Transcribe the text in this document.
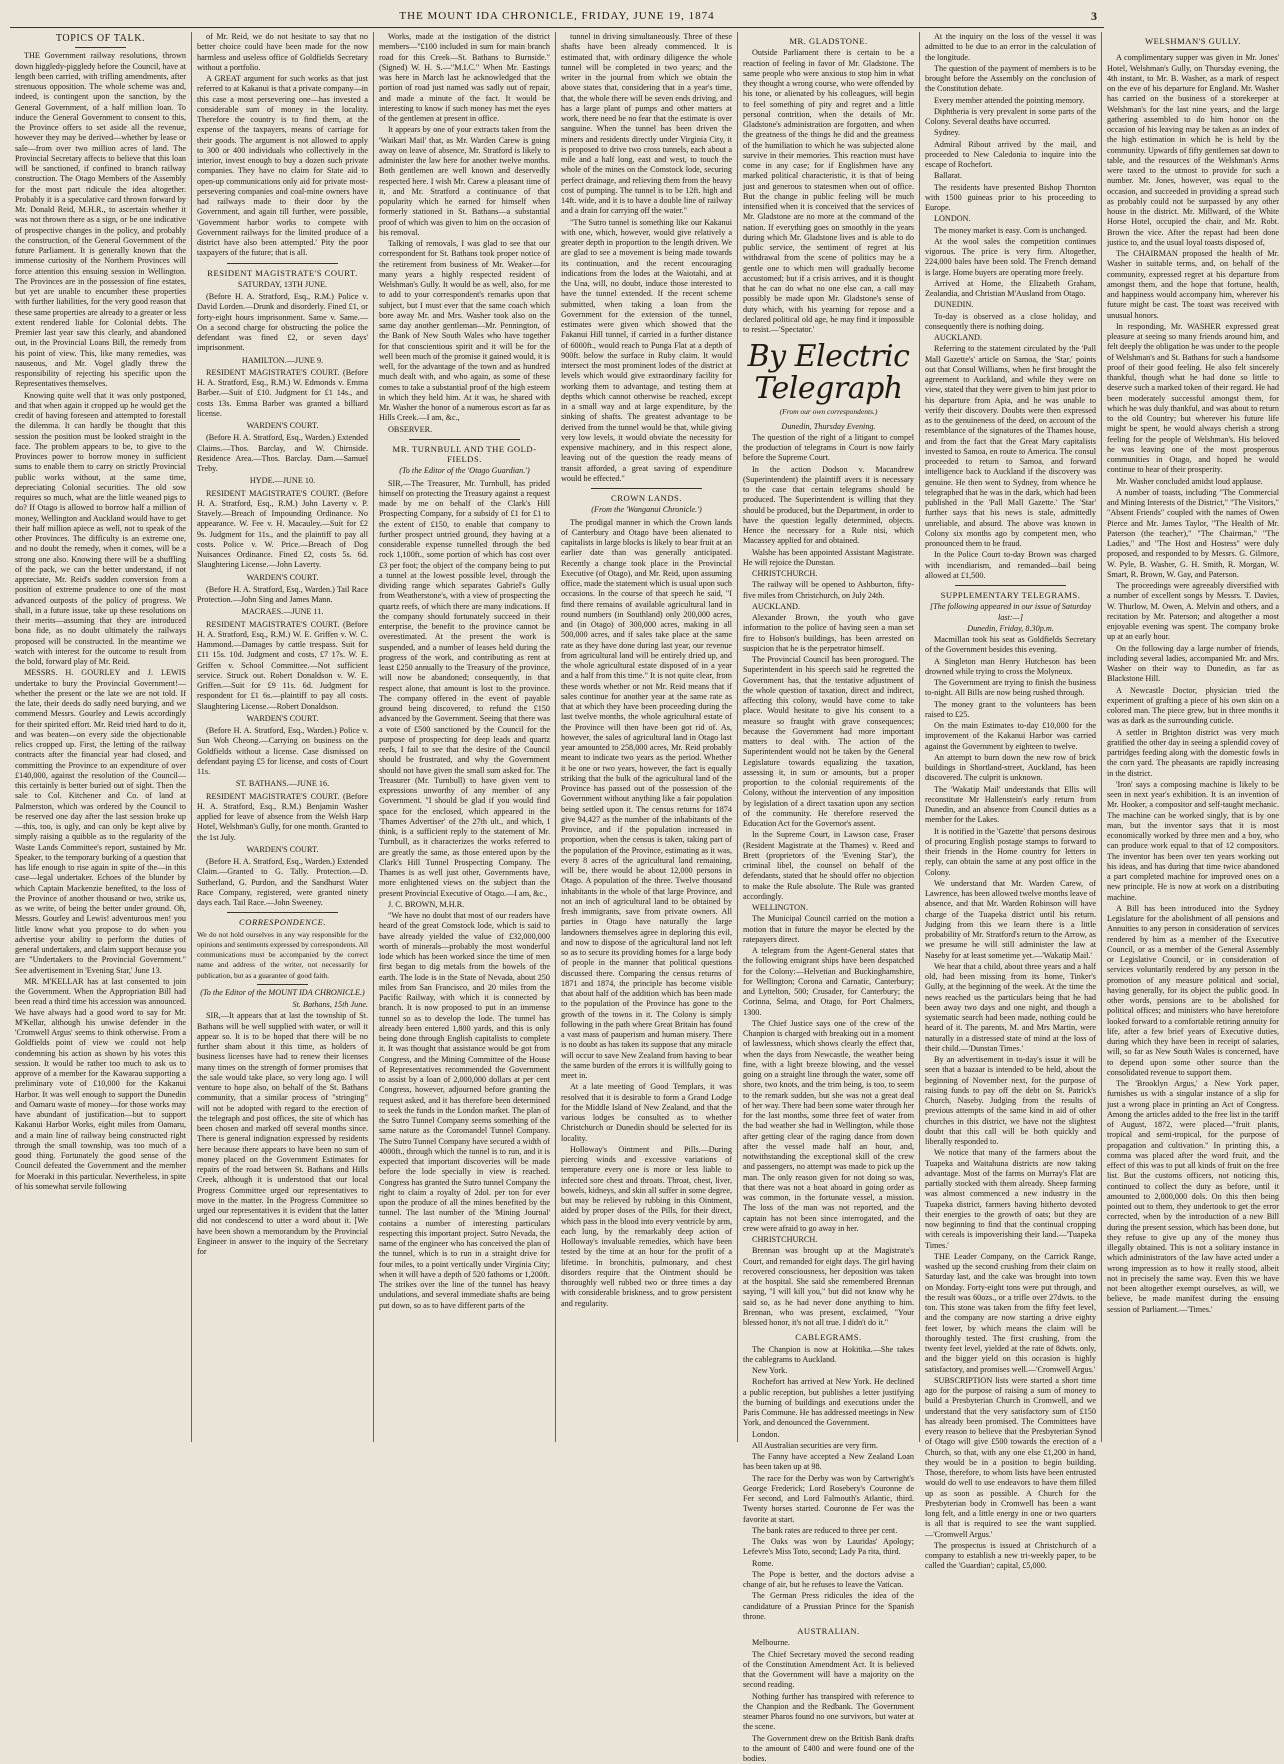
THE MOUNT IDA CHRONICLE, FRIDAY, JUNE 19, 1874	3
TOPICS OF TALK.

THE Government railway resolutions, thrown down higgledy-piggledy before the Council, have at length been carried, with trifling amendments, after strenuous opposition. The whole scheme was and, indeed, is contingent upon the sanction, by the General Government, of a half million loan. To induce the General Government to consent to this, the Province offers to set aside all the revenue, however they may be derived—whether by lease or sale—from over two million acres of land. The Provincial Secretary affects to believe that this loan will be sanctioned, if confined to branch railway construction. The Otago Members of the Assembly for the most part ridicule the idea altogether. Probably it is a speculative card thrown forward by Mr. Donald Reid, M.H.R., to ascertain whether it was not thrown there as a sign, or be one indicative of prospective changes in the policy, and probably the construction, of the General Government of the future Parliament. It is generally known that the immense curiosity of the Northern Provinces will force attention this ensuing session in Wellington. The Provinces are in the possession of fine estates, but yet are unable to encumber these properties with further liabilities, for the very good reason that these same properties are already to a greater or less extent rendered liable for Colonial debts. The Premier last year saw this clearly, and abandoned out, in the Provincial Loans Bill, the remedy from his point of view. This, like many remedies, was nauseous, and Mr. Vogel gladly threw the responsibility of rejecting his specific upon the Representatives themselves.

Knowing quite well that it was only postponed, and that when again it cropped up he would get the credit of having foreseen and attempted to forestall the dilemma. It can hardly be thought that this session the position must be looked straight in the face. The problem appears to be, to give to the Provinces power to borrow money in sufficient sums to enable them to carry on strictly Provincial public works without, at the same time, depreciating Colonial securities. The old sow requires so much, what are the little weaned pigs to do? If Otago is allowed to borrow half a million of money, Wellington and Auckland would have to get their half million apiece as well, not to speak of the other Provinces. The difficulty is an extreme one, and no doubt the remedy, when it comes, will be a strong one also. Knowing there will be a shuffling of the pack, we can the better understand, if not appreciate, Mr. Reid's sudden conversion from a position of extreme prudence to one of the most advanced outposts of the policy of progress. We shall, in a future issue, take up these resolutions on their merits—assuming that they are introduced bona fide, as no doubt ultimately the railways proposed will be constructed. In the meantime we watch with interest for the outcome to result from the bold, forward play of Mr. Reid.

MESSRS. H. GOURLEY and J. LEWIS undertake to bury the Provincial Government!—whether the present or the late we are not told. If the late, their deeds do sadly need burying, and we commend Messrs. Gourley and Lewis accordingly for their spirited effort. Mr. Reid tried hard to do it, and was beaten—on every side the objectionable relics cropped up. First, the letting of the railway contracts after the financial year had closed, and committing the Province to an expenditure of over £140,000, against the resolution of the Council—this certainly is better buried out of sight. Then the sale to Col. Kitchener and Co. of land at Palmerston, which was ordered by the Council to be reserved one day after the last session broke up—this, too, is ugly, and can only be kept alive by simply raising a quibble as to the regularity of the Waste Lands Committee's report, sustained by Mr. Speaker, to the temporary burking of a question that has life enough to rise again in spite of the—in this case—legal undertaker. Echoes of the blunder by which Captain Mackenzie benefited, to the loss of the Province of another thousand or two, strike us, as we write, of being the better under ground. Oh, Messrs. Gourley and Lewis! adventurous men! you little know what you propose to do when you advertise your ability to perform the duties of general undertakers, and claim support because you are "Undertakers to the Provincial Government." See advertisement in 'Evening Star,' June 13.

MR. M'KELLAR has at last consented to join the Government. When the Appropriation Bill had been read a third time his accession was announced. We have always had a good word to say for Mr. M'Kellar, although his unwise defender in the 'Cromwell Argus' seems to think otherwise. From a Goldfields point of view we could not help condemning his action as shown by his votes this session. It would be rather too much to ask us to approve of a member for the Kawarau supporting a preliminary vote of £10,000 for the Kakanui Harbor. It was well enough to support the Dunedin and Oamaru waste of money—for those works may have abundant of justification—but to support Kakanui Harbor Works, eight miles from Oamaru, and a main line of railway being constructed right through the small township, was too much of a good thing. Fortunately the good sense of the Council defeated the Government and the member for Moeraki in this particular. Nevertheless, in spite of his somewhat servile following

of Mr. Reid, we do not hesitate to say that no better choice could have been made for the now harmless and useless office of Goldfields Secretary without a portfolio.

A GREAT argument for such works as that just referred to at Kakanui is that a private company—in this case a most persevering one—has invested a considerable sum of money in the locality. Therefore the country is to find them, at the expense of the taxpayers, means of carriage for their goods. The argument is not allowed to apply to 300 or 400 individuals who collectively in the interior, invest enough to buy a dozen such private companies. They have no claim for State aid to open-up communications only aid for private most-persevering companies and coal-mine owners have had railways made to their door by the Government, and again till further, were possible, 'Government harbor works to compete with Government railways for the limited produce of a district have also been attempted.' Pity the poor taxpayers of the future; that is all.

RESIDENT MAGISTRATE'S COURT.
SATURDAY, 13TH JUNE.

(Before H. A. Stratford, Esq., R.M.) Police v. David Lorden.—Drunk and disorderly. Fined £1, or forty-eight hours imprisonment. Same v. Same.—On a second charge for obstructing the police the defendant was fined £2, or seven days' imprisonment.

HAMILTON.—JUNE 9.

RESIDENT MAGISTRATE'S COURT. (Before H. A. Stratford, Esq., R.M.) W. Edmonds v. Emma Barber.—Suit of £10. Judgment for £1 14s., and costs 13s. Emma Barber was granted a billiard license.

WARDEN'S COURT.

(Before H. A. Stratford, Esq., Warden.) Extended Claims.—Thos. Barclay, and W. Chirnside. Residence Area.—Thos. Barclay. Dam.—Samuel Treby.

HYDE.—JUNE 10.

RESIDENT MAGISTRATE'S COURT. (Before H. A. Stratford, Esq., R.M.) John Laverty v. P. Stavely.—Breach of Impounding Ordinance. No appearance. W. Fee v. H. Macauley.—Suit for £2 9s. Judgment for 11s., and the plaintiff to pay all costs. Police v. W. Price.—Breach of Dog Nuisances Ordinance. Fined £2, costs 5s. 6d. Slaughtering License.—John Laverty.

WARDEN'S COURT.

(Before H. A. Stratford, Esq., Warden.) Tail Race Protection.—John Sing and James Mann.

MACRAES.—JUNE 11.

RESIDENT MAGISTRATE'S COURT. (Before H. A. Stratford, Esq., R.M.) W. E. Griffen v. W. C. Hammond.—Damages by cattle trespass. Suit for £11 15s. 10d. Judgment and costs, £7 17s. W. E. Griffen v. School Committee.—Not sufficient service. Struck out. Robert Donaldson v. W. E. Griffen.—Suit for £9 11s. 6d. Judgment for respondent for £1 6s.—plaintiff to pay all costs. Slaughtering License.—Robert Donaldson.

WARDEN'S COURT.

(Before H. A. Stratford, Esq., Warden.) Police v. Sun Woh Cheong.—Carrying on business on the Goldfields without a license. Case dismissed on defendant paying £5 for license, and costs of Court 11s.

ST. BATHANS.—JUNE 16.

RESIDENT MAGISTRATE'S COURT. (Before H. A. Stratford, Esq., R.M.) Benjamin Washer applied for leave of absence from the Welsh Harp Hotel, Welshman's Gully, for one month. Granted to the 1st July.

WARDEN'S COURT.

(Before H. A. Stratford, Esq., Warden.) Extended Claim.—Granted to G. Tally. Protection.—D. Sutherland, G. Purdon, and the Sandhurst Water Race Company, registered, were granted ninety days each. Tail Race.—John Sweeney.

CORRESPONDENCE.

We do not hold ourselves in any way responsible for the opinions and sentiments expressed by correspondents. All communications must be accompanied by the correct name and address of the writer, not necessarily for publication, but as a guarantee of good faith.

(To the Editor of the MOUNT IDA CHRONICLE.)

St. Bathans, 15th June.

SIR,—It appears that at last the township of St. Bathans will be well supplied with water, or will it appear so. It is to be hoped that there will be no further sham about it this time, as holders of business licenses have had to renew their licenses many times on the strength of former promises that the sale would take place, so very long ago. I will venture to hope also, on behalf of the St. Bathans community, that a similar process of "stringing" will not be adopted with regard to the erection of the telegraph and post offices, the site of which has been chosen and marked off several months since. There is general indignation expressed by residents here because there appears to have been no sum of money placed on the Government Estimates for repairs of the road between St. Bathans and Hills Creek, although it is understood that our local Progress Committee urged our representatives to move in the matter. In the Progress Committee so urged our representatives it is evident that the latter did not condescend to utter a word about it. [We have been shown a memorandum by the Provincial Engineer in answer to the inquiry of the Secretary for

Works, made at the instigation of the district members—"£100 included in sum for main branch road for this Creek—St. Bathans to Burnside." (Signed) W. H. S.—"M.I.C." When Mr. Eastings was here in March last he acknowledged that the portion of road just named was sadly out of repair, and made a minute of the fact. It would be interesting to know if such money has met the eyes of the gentlemen at present in office.

It appears by one of your extracts taken from the 'Waikari Mail' that, as Mr. Warden Carew is going away on leave of absence, Mr. Stratford is likely to administer the law here for another twelve months. Both gentlemen are well known and deservedly respected here. I wish Mr. Carew a pleasant time of it, and Mr. Stratford a continuance of that popularity which he earned for himself when formerly stationed in St. Bathans—a substantial proof of which was given to him on the occasion of his removal.

Talking of removals, I was glad to see that our correspondent for St. Bathans took proper notice of the retirement from business of Mr. Weaker—for many years a highly respected resident of Welshman's Gully. It would be as well, also, for me to add to your correspondent's remarks upon that subject, but I must ever that the same coach which bore away Mr. and Mrs. Washer took also on the same day another gentleman—Mr. Pennington, of the Bank of New South Wales who have together for that conscientious spirit and it will be for the well been much of the promise it gained would, it is well, for the advantage of the town and as hundred much dealt with, and who again, as some of these comes to take a substantial proof of the high esteem in which they held him. At it was, he shared with Mr. Washer the honor of a numerous escort as far as Hills Creek.—I am, &c.,

OBSERVER.

MR. TURNBULL AND THE GOLD-FIELDS.
(To the Editor of the 'Otago Guardian.')

SIR,—The Treasurer, Mr. Turnbull, has prided himself on protecting the Treasury against a request made by me on behalf of the Clark's Hill Prospecting Company, for a subsidy of £1 for £1 to the extent of £150, to enable that company to further prospect untried ground, they having at a considerable expense tunnelled through the bed rock 1,100ft., some portion of which has cost over £3 per foot; the object of the company being to put a tunnel at the lowest possible level, through the dividing range which separates Gabriel's Gully from Weatherstone's, with a view of prospecting the quartz reefs, of which there are many indications. If the company should fortunately succeed in their enterprise, the benefit to the province cannot be overestimated. At the present the work is suspended, and a number of leases held during the progress of the work, and contributing as rent at least £250 annually to the Treasury of the province, will now be abandoned; consequently, in that respect alone, that amount is lost to the province. The company offered in the event of payable ground being discovered, to refund the £150 advanced by the Government. Seeing that there was a vote of £500 sanctioned by the Council for the purpose of prospecting for deep leads and quartz reefs, I fail to see that the desire of the Council should be frustrated, and why the Government should not have given the small sum asked for. The Treasurer (Mr. Turnbull) to have given vent to expressions unworthy of any member of any Government. "I should be glad if you would find space for the enclosed, which appeared in the 'Thames Advertiser' of the 27th ult., and which, I think, is a sufficient reply to the statement of Mr. Turnbull, as it characterizes the works referred to are greatly the same, as those entered upon by the Clark's Hill Tunnel Prospecting Company. The Thames is as well just other, Governments have, more enlightened views on the subject than the present Provincial Executive of Otago.—I am, &c.,

J. C. BROWN, M.H.R.

"We have no doubt that most of our readers have heard of the great Comstock lode, which is said to have already yielded the value of £32,000,000 worth of minerals—probably the most wonderful lode which has been worked since the time of men first began to dig metals from the bowels of the earth. The lode is in the State of Nevada, about 250 miles from San Francisco, and 20 miles from the Pacific Railway, with which it is connected by branch. It is now proposed to put in an immense tunnel so as to develop the lode. The tunnel has already been entered 1,800 yards, and this is only being done through English capitalists to complete it. It was thought that assistance would be got from Congress, and the Mining Committee of the House of Representatives recommended the Government to assist by a loan of 2,000,000 dollars at per cent Congress, however, adjourned before granting the request asked, and it has therefore been determined to seek the funds in the London market. The plan of the Sutro Tunnel Company seems something of the same nature as the Coromandel Tunnel Company. The Sutro Tunnel Company have secured a width of 4000ft., through which the tunnel is to run, and it is expected that important discoveries will be made before the lode specially in view is reached. Congress has granted the Sutro tunnel Company the right to claim a royalty of 2dol. per ton for ever upon the produce of all the mines benefited by the tunnel. The last number of the 'Mining Journal' contains a number of interesting particulars respecting this important project. Sutro Nevada, the name of the engineer who has conceived the plan of the tunnel, which is to run in a straight drive for four miles, to a point vertically under Virginia City; when it will have a depth of 520 fathoms or 1,200ft. The strikes over the line of the tunnel has heavy undulations, and several immediate shafts are being put down, so as to have different parts of the

tunnel in driving simultaneously. Three of these shafts have been already commenced. It is estimated that, with ordinary diligence the whole tunnel will be completed in two years; and the writer in the journal from which we obtain the above states that, considering that in a year's time, that, the whole there will be seven ends driving, and has a large plant of pumps and other matters at work, there need be no fear that the estimate is over sanguine. When the tunnel has been driven the miners and residents directly under Virginia City, it is proposed to drive two cross tunnels, each about a mile and a half long, east and west, to touch the whole of the mines on the Comstock lode, securing perfect drainage, and relieving them from the heavy cost of pumping. The tunnel is to be 12ft. high and 14ft. wide, and it is to have a double line of railway and a drain for carrying off the water."

"The Sutro tunnel is something like our Kakanui with one, which, however, would give relatively a greater depth in proportion to the length driven. We are glad to see a movement is being made towards its continuation, and the recent encouraging indications from the lodes at the Waiotahi, and at the Una, will, no doubt, induce those interested to have the tunnel extended. If the recent scheme submitted, when taking a loan from the Government for the extension of the tunnel, estimates were given which showed that the Fakanui Hill tunnel, if carried in a further distance of 6000ft., would reach to Punga Flat at a depth of 900ft. below the surface in Ruby claim. It would intersect the most prominent lodes of the district at levels which would give extraordinary facility for working them to advantage, and testing them at depths which cannot otherwise be reached, except in a small way and at large expenditure, by the sinking of shafts. The greatest advantage to be derived from the tunnel would be that, while giving very low levels, it would obviate the necessity for expensive machinery, and in this respect alone, leaving out of the question the ready means of transit afforded, a great saving of expenditure would be effected."

CROWN LANDS.
(From the 'Wanganui Chronicle.')

The prodigal manner in which the Crown lands of Canterbury and Otago have been alienated to capitalists in large blocks is likely to bear fruit at an earlier date than was generally anticipated. Recently a change took place in the Provincial Executive (of Otago), and Mr. Reid, upon assuming office, made the statement which is usual upon such occasions. In the course of that speech he said, "I find there remains of available agricultural land in round numbers (in Southland) only 200,000 acres, and (in Otago) of 300,000 acres, making in all 500,000 acres, and if sales take place at the same rate as they have done during last year, our revenue from agricultural land will be entirely dried up, and the whole agricultural estate disposed of in a year and a half from this time." It is not quite clear, from these words whether or not Mr. Reid means that if sales continue for another year at the same rate as that at which they have been proceeding during the last twelve months, the whole agricultural estate of the Province will then have been got rid of. As, however, the sales of agricultural land in Otago last year amounted to 258,000 acres, Mr. Reid probably meant to indicate two years as the period. Whether it be one or two years, however, the fact is equally striking that the bulk of the agricultural land of the Province has passed out of the possession of the Government without anything like a fair population being settled upon it. The census returns for 1874 give 94,427 as the number of the inhabitants of the Province, and if the population increased in proportion, when the census is taken, taking part of the population of the Province, estimating as it was, every 8 acres of the agricultural land remaining, will be, there would be about 12,000 persons in Otago. A population of the three. Twelve thousand inhabitants in the whole of that large Province, and not an inch of agricultural land to be obtained by fresh immigrants, save from private owners. All parties in Otago have naturally the large landowners themselves agree in deploring this evil, and now to dispose of the agricultural land not left so as to secure its providing homes for a large body of people in the manner that political questions discussed there. Comparing the census returns of 1871 and 1874, the principle has become visible that about half of the addition which has been made to the population of the Province has gone to the growth of the towns in it. The Colony is simply following in the path where Great Britain has found a vast mass of pauperism and human misery. There is no doubt as has taken its suppose that any miracle will occur to save New Zealand from having to bear the same burden of the errors it is willfully going to meet in.

At a late meeting of Good Templars, it was resolved that it is desirable to form a Grand Lodge for the Middle Island of New Zealand, and that the various lodges be consulted as to whether Christchurch or Dunedin should be selected for its locality.

Holloway's Ointment and Pills.—During piercing winds and excessive variations of temperature every one is more or less liable to infected sore chest and throats. Throat, chest, liver, bowels, kidneys, and skin all suffer in some degree, but may be relieved by rubbing in this Ointment, aided by proper doses of the Pills, for their direct, which pass in the blood into every ventricle by arm, each lung, by the remarkably deep action of Holloway's invaluable remedies, which have been tested by the time at an hour for the profit of a lifetime. In bronchitis, pulmonary, and chest disorders require that the Ointment should be thoroughly well rubbed two or three times a day with considerable briskness, and to grow persistent and regularity.

MR. GLADSTONE.

Outside Parliament there is certain to be a reaction of feeling in favor of Mr. Gladstone. The same people who were anxious to stop him in what they thought a wrong course, who were offended by his tone, or alienated by his colleagues, will begin to feel something of pity and regret and a little personal contrition, when the details of Mr. Gladstone's administration are forgotten, and when the greatness of the things he did and the greatness of the humiliation to which he was subjected alone survive in their memories. This reaction must have come in any case; for if Englishmen have any marked political characteristic, it is that of being just and generous to statesmen when out of office. But the change in public feeling will be much intensified when it is conceived that the services of Mr. Gladstone are no more at the command of the nation. If everything goes on smoothly in the years during which Mr. Gladstone lives and is able to do public service, the sentiment of regret at his withdrawal from the scene of politics may be a gentle one to which men will gradually become accustomed; but if a crisis arrives, and it is thought that he can do what no one else can, a call may possibly be made upon Mr. Gladstone's sense of duty which, with his yearning for repose and a declared political old age, he may find it impossible to resist.—'Spectator.'

By Electric Telegraph
(From our own correspondents.)

Dunedin, Thursday Evening.

The question of the right of a litigant to compel the production of telegrams in Court is now fairly before the Supreme Court.

In the action Dodson v. Macandrew (Superintendent) the plaintiff avers it is necessary to the case that certain telegrams should be produced. The Superintendent is willing that they should be produced, but the Department, in order to have the question legally determined, objects. Hence the necessary for a Rule nisi, which Macassey applied for and obtained.

Walshe has been appointed Assistant Magistrate. He will rejoice the Dunstan.

CHRISTCHURCH.

The railway will be opened to Ashburton, fifty-five miles from Christchurch, on July 24th.

AUCKLAND.

Alexander Brown, the youth who gave information to the police of having seen a man set fire to Hobson's buildings, has been arrested on suspicion that he is the perpetrator himself.

The Provincial Council has been prorogued. The Superintendent in his speech said he regretted the Government has, that the tentative adjustment of the whole question of taxation, direct and indirect, affecting this colony, would have come to take place. Would hesitate to give his consent to a measure so fraught with grave consequences; because the Government had more important matters to deal with. The action of the Superintendent would not be taken by the General Legislature towards equalizing the taxation, assessing it, in sum or amounts, but a proper proportion to the colonial requirements of the Colony, without the intervention of any imposition by legislation of a direct taxation upon any section of the community. He therefore reserved the Education Act for the Governor's assent.

In the Supreme Court, in Lawson case, Fraser (Resident Magistrate at the Thames) v. Reed and Brett (proprietors of the 'Evening Star'), the criminal libel, the counsel on behalf of the defendants, stated that he should offer no objection to make the Rule absolute. The Rule was granted accordingly.

WELLINGTON.

The Municipal Council carried on the motion a motion that in future the mayor be elected by the ratepayers direct.

A telegram from the Agent-General states that the following emigrant ships have been despatched for the Colony:—Helvetian and Buckinghamshire, for Wellington; Corona and Carnatic, Canterbury; and Lyttelton, 500; Crusader, for Canterbury; the Corinna, Selma, and Otago, for Port Chalmers, 1300.

The Chief Justice says one of the crew of the Chanpion is charged with breaking out in a moment of lawlessness, which shows clearly the effect that, when the days from Newcastle, the weather being fine, with a light breeze blowing, and the vessel going on a straight line through the water, some off shore, two knots, and the trim being, is too, to seem to the remark sudden, but she was not a great deal of her way. There had been some water through her for the last months, some three feet of water from the bad weather she had in Wellington, while those after getting clear of the raging dance from down after the vessel made half an hour, and, notwithstanding the exceptional skill of the crew and passengers, no attempt was made to pick up the man. The only reason given for not doing so was, that there was not a boat aboard in going order as was common, in the fortunate vessel, a mission. The loss of the man was not reported, and the captain has not been since interrogated, and the crew were afraid to go away in her.

CHRISTCHURCH.

Brennan was brought up at the Magistrate's Court, and remanded for eight days. The girl having recovered consciousness, her deposition was taken at the hospital. She said she remembered Brennan saying, "I will kill you," but did not know why he said so, as he had never done anything to him. Brennan, who was present, exclaimed, "Your blessed honor, it's not all true. I didn't do it."

CABLEGRAMS.

The Chanpion is now at Hokitika.—She takes the cablegrams to Auckland.

New York.

Rochefort has arrived at New York. He declined a public reception, but publishes a letter justifying the burning of buildings and executions under the Paris Commune. He has addressed meetings in New York, and denounced the Government.

London.

All Australian securities are very firm.

The Fanny have accepted a New Zealand Loan has been taken up at 98.

The race for the Derby was won by Cartwright's George Frederick; Lord Rosebery's Couronne de Fer second, and Lord Falmouth's Atlantic, third. Twenty horses started. Couronne de Fer was the favorite at start.

The bank rates are reduced to three per cent.

The Oaks was won by Lauridas' Apology; Lefevre's Miss Toto, second; Lady Pa rita, third.

Rome.

The Pope is better, and the doctors advise a change of air, but he refuses to leave the Vatican.

The German Press ridicules the idea of the candidature of a Prussian Prince for the Spanish throne.

AUSTRALIAN.

Melbourne.

The Chief Secretary moved the second reading of the Constitution Amendment Act. It is believed that the Government will have a majority on the second reading.

Nothing further has transpired with reference to the Chanpion and the Redbank. The Government steamer Pharos found no one survivors, but water at the scene.

The Government drew on the British Bank drafts to the amount of £400 and were found one of the bodies.

At the inquiry on the loss of the vessel it was admitted to be due to an error in the calculation of the longitude.

The question of the payment of members is to be brought before the Assembly on the conclusion of the Constitution debate.

Every member attended the pointing memory.

Diphtheria is very prevalent in some parts of the Colony. Several deaths have occurred.

Sydney.

Admiral Ribout arrived by the mail, and proceeded to New Caledonia to inquire into the escape of Rochefort.

Ballarat.

The residents have presented Bishop Thornton with 1500 guineas prior to his proceeding to Europe.

LONDON.

The money market is easy. Corn is unchanged.

At the wool sales the competition continues vigorous. The price is very firm. Altogether, 224,000 bales have been sold. The French demand is large. Home buyers are operating more freely.

Arrived at Home, the Elizabeth Graham, Zealandia, and Christian M'Ausland from Otago.

DUNEDIN.

To-day is observed as a close holiday, and consequently there is nothing doing.

AUCKLAND.

Referring to the statement circulated by the 'Pall Mall Gazette's' article on Samoa, the 'Star,' points out that Consul Williams, when he first brought the agreement to Auckland, and while they were on view, stated that they were given to him just prior to his departure from Apia, and he was unable to verify their discovery. Doubts were then expressed as to the genuineness of the deed, on account of the resemblance of the signatures of the Thames house, and from the fact that the Great Mary capitalists invested to Samoa, en route to America. The consul proceeded to return to Samoa, and forward intelligence back to Auckland if the discovery was genuine. He then went to Sydney, from whence he telegraphed that he was in the dark, which had been published in the 'Pall Mall Gazette.' The 'Star' further says that his news is stale, admittedly unreliable, and absurd. The above was known in Colony six months ago by competent men, who pronounced them to be fraud.

In the Police Court to-day Brown was charged with incendiarism, and remanded—bail being allowed at £1,500.

SUPPLEMENTARY TELEGRAMS.

[The following appeared in our issue of Saturday last:—]

Dunedin, Friday, 8.30p.m.

Macmillan took his seat as Goldfields Secretary of the Government besides this evening.

A Singleton man Henry Hutcheson has been drowned while trying to cross the Molyneux.

The Government are trying to finish the business to-night. All Bills are now being rushed through.

The money grant to the volunteers has been raised to £25.

On the main Estimates to-day £10,000 for the improvement of the Kakanui Harbor was carried against the Government by eighteen to twelve.

An attempt to burn down the new row of brick buildings in Shortland-street, Auckland, has been discovered. The culprit is unknown.

The 'Wakatip Mail' understands that Ellis will reconstitute Mr Hallenstein's early return from Dunedin, and an absence from Council duties as a member for the Lakes.

It is notified in the 'Gazette' that persons desirous of procuring English postage stamps to forward to their friends in the Home country for letters in reply, can obtain the same at any post office in the Colony.

We understand that Mr. Warden Carew, of Lawrence, has been allowed twelve months leave of absence, and that Mr. Warden Robinson will have charge of the Tuapeka district until his return. Judging from this we learn there is a little probability of Mr. Stratford's return to the Arrow, as we presume he will still administer the law at Naseby for at least sometime yet.—'Wakatip Mail.'

We hear that a child, about three years and a half old, had been missing from its home, Tinker's Gully, at the beginning of the week. At the time the news reached us the particulars being that he had been away two days and one night, and though a systematic search had been made, nothing could be heard of it. The parents, M. and Mrs Martin, were naturally in a distressed state of mind at the loss of their child.—'Dunstan Times.'

By an advertisement in to-day's issue it will be seen that a bazaar is intended to be held, about the beginning of November next, for the purpose of raising funds to pay off the debt on St. Patrick's Church, Naseby. Judging from the results of previous attempts of the same kind in aid of other churches in this district, we have not the slightest doubt that this call will be both quickly and liberally responded to.

We notice that many of the farmers about the Tuapeka and Waitahuna districts are now taking advantage. Most of the farms on Murray's Flat are partially stocked with them already. Sheep farming was almost commenced a new industry in the Tuapeka district, farmers having hitherto devoted their energies to the growth of oats; but they are now beginning to find that the continual cropping with cereals is impoverishing their land.—'Tuapeka Times.'

THE Leader Company, on the Carrick Range, washed up the second crushing from their claim on Saturday last, and the cake was brought into town on Monday. Forty-eight tons were put through, and the result was 60ozs., or a trifle over 27dwts. to the ton. This stone was taken from the fifty feet level, and the company are now starting a drive eighty feet lower, by which means the claim will be thoroughly tested. The first crushing, from the twenty feet level, yielded at the rate of 8dwts. only, and the bigger yield on this occasion is highly satisfactory, and promises well.—'Cromwell Argus.'

SUBSCRIPTION lists were started a short time ago for the purpose of raising a sum of money to build a Presbyterian Church in Cromwell, and we understand that the very satisfactory sum of £150 has already been promised. The Committees have every reason to believe that the Presbyterian Synod of Otago will give £500 towards the erection of a Church, so that, with any one else £1,200 in hand, they would be in a position to begin building. Those, therefore, to whom lists have been entrusted would do well to use endeavors to have them filled up as soon as possible. A Church for the Presbyterian body in Cromwell has been a want long felt, and a little energy in one or two quarters is all that is required to see the want supplied.—'Cromwell Argus.'

The prospectus is issued at Christchurch of a company to establish a new tri-weekly paper, to be called the 'Guardian'; capital, £5,000.

WELSHMAN'S GULLY.

A complimentary supper was given in Mr. Jones' Hotel, Welshman's Gully, on Thursday evening, the 4th instant, to Mr. B. Washer, as a mark of respect on the eve of his departure for England. Mr. Washer has carried on the business of a storekeeper at Welshman's for the last nine years, and the large gathering assembled to do him honor on the occasion of his leaving may be taken as an index of the high estimation in which he is held by the community. Upwards of fifty gentlemen sat down to table, and the resources of the Welshman's Arms were taxed to the utmost to provide for such a number. Mr. Jones, however, was equal to the occasion, and succeeded in providing a spread such as probably could not be surpassed by any other house in the district. Mr. Millward, of the White Horse Hotel, occupied the chair, and Mr. Robt. Brown the vice. After the repast had been done justice to, and the usual loyal toasts disposed of,

The CHAIRMAN proposed the health of Mr. Washer in suitable terms, and, on behalf of the community, expressed regret at his departure from amongst them, and the hope that fortune, health, and happiness would accompany him, wherever his future might be cast. The toast was received with unusual honors.

In responding, Mr. WASHER expressed great pleasure at seeing so many friends around him, and felt deeply the obligation he was under to the people of Welshman's and St. Bathans for such a handsome proof of their good feeling. He also felt sincerely thankful, though what he had done so little to deserve such a marked token of their regard. He had been moderately successful amongst them, for which he was duly thankful, and was about to return to the old Country; but wherever his future life might be spent, he would always cherish a strong feeling for the people of Welshman's. His beloved he was leaving one of the most prosperous communities in Otago, and hoped he would continue to hear of their prosperity.

Mr. Washer concluded amidst loud applause.

A number of toasts, including "The Commercial and Mining Interests of the District," "The Visitors," "Absent Friends" coupled with the names of Owen Pierce and Mr. James Taylor, "The Health of Mr. Paterson (the teacher)," "The Chairman," "The Ladies," and "The Host and Hostess" were duly proposed, and responded to by Messrs. G. Gilmore, W. Pyle, B. Washer, G. H. Smith, R. Morgan, W. Smart, R. Brown, W. Gay, and Paterson.

The proceedings were agreeably diversified with a number of excellent songs by Messrs. T. Davies, W. Thurlow, M. Owen, A. Melvin and others, and a recitation by Mr. Paterson; and altogether a most enjoyable evening was spent. The company broke up at an early hour.

On the following day a large number of friends, including several ladies, accompanied Mr. and Mrs. Washer on their way to Dunedin, as far as Blackstone Hill.

A Newcastle Doctor, physician tried the experiment of grafting a piece of his own skin on a colored man. The piece grew, but in three months it was as dark as the surrounding cuticle.

A settler in Brighton district was very much gratified the other day in seeing a splendid covey of partridges feeding along with the domestic fowls in the corn yard. The pheasants are rapidly increasing in the district.

'Iron' says a composing machine is likely to be seen in next year's exhibition. It is an invention of Mr. Hooker, a compositor and self-taught mechanic. The machine can be worked singly, that is by one man, but the inventor says that it is most economically worked by three men and a boy, who can produce work equal to that of 12 compositors. The inventor has been over ten years working out his ideas, and has during that time twice abandoned a part completed machine for improved ones on a new principle. He is now at work on a distributing machine.

A Bill has been introduced into the Sydney Legislature for the abolishment of all pensions and Annuities to any person in consideration of services rendered by him as a member of the Executive Council, or as a member of the General Assembly or Legislative Council, or in consideration of services voluntarily rendered by any person in the promotion of any measure political and social, having generally, for its object the public good. In other words, pensions are to be abolished for political offices; and ministers who have heretofore looked forward to a comfortable retiring annuity for life, after a few brief years of Executive duties, during which they have been in receipt of salaries, will, so far as New South Wales is concerned, have to depend upon some other source than the consolidated revenue to support them.

The 'Brooklyn Argus,' a New York paper, furnishes us with a singular instance of a slip for just a wrong place in printing an Act of Congress. Among the articles added to the free list in the tariff of August, 1872, were placed—"fruit plants, tropical and semi-tropical, for the purpose of propagation and cultivation." In printing this, a comma was placed after the word fruit, and the effect of this was to put all kinds of fruit on the free list. But the customs officers, not noticing this, continued to collect the duty as before, until it amounted to 2,000,000 dols. On this then being pointed out to them, they undertook to get the error corrected, when by the introduction of a new Bill during the present session, which has been done, but they refuse to give up any of the money thus illegally obtained. This is not a solitary instance in which administrators of the law have acted under a wrong impression as to how it really stood, albeit not in precisely the same way. Even this we have not been altogether exempt ourselves, as will, we believe, be made manifest during the ensuing session of Parliament.—'Times.'
